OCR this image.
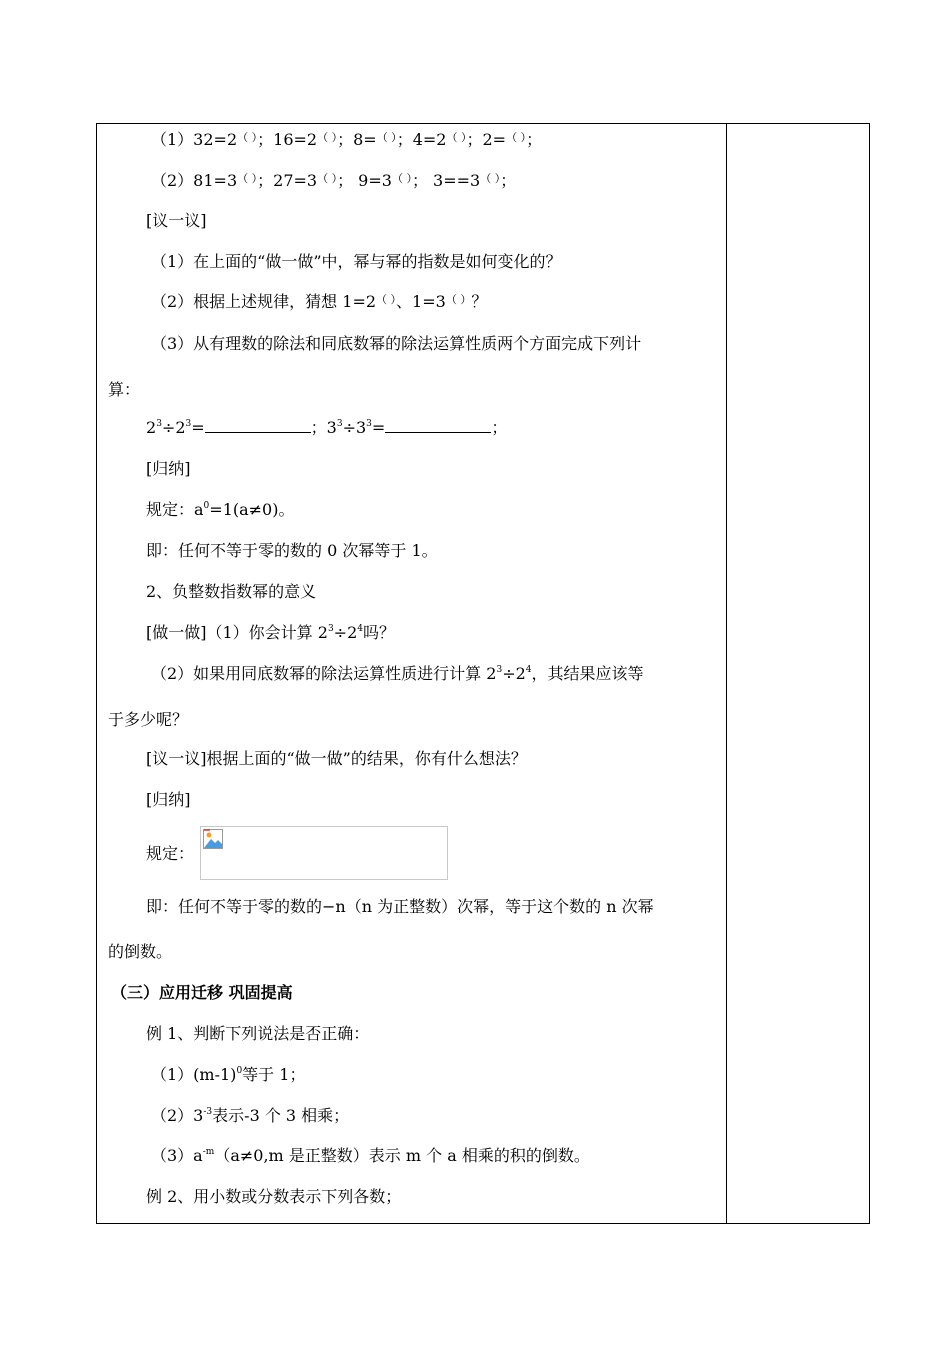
（1）32=2（ ）；16=2（ ）；8=（ ）；4=2（ ）；2=（ ）；
（2）81=3（ ）；27=3（ ）； 9=3（ ）； 3==3（ ）；
[议一议]
（1）在上面的“做一做”中，幂与幂的指数是如何变化的？
（2）根据上述规律，猜想 1=2（ ）、1=3（ ）？
（3）从有理数的除法和同底数幂的除法运算性质两个方面完成下列计
算：
$2^3\div 2^3=$	；$3^3\div 3^3=$	；
[归纳]
规定：$a^0=1(a\ne 0)$。
即：任何不等于零的数的 0 次幂等于 1。
2、负整数指数幂的意义
[做一做]（1）你会计算 $2^3\div 2^4$吗？
（2）如果用同底数幂的除法运算性质进行计算 $2^3\div 2^4$，其结果应该等
于多少呢？
[议一议]根据上面的“做一做”的结果，你有什么想法？
[归纳]
规定：
即：任何不等于零的数的−n（n 为正整数）次幂，等于这个数的 n 次幂
的倒数。
（三）应用迁移 巩固提高
例 1、判断下列说法是否正确：
$(1)(m-1)^0$等于 1；
$(2)3^{-3}$表示-3 个 3 相乘；
$(3)a^{-m}(a\ne 0,m$ 是正整数）表示 m 个 a 相乘的积的倒数。
例 2、用小数或分数表示下列各数；
